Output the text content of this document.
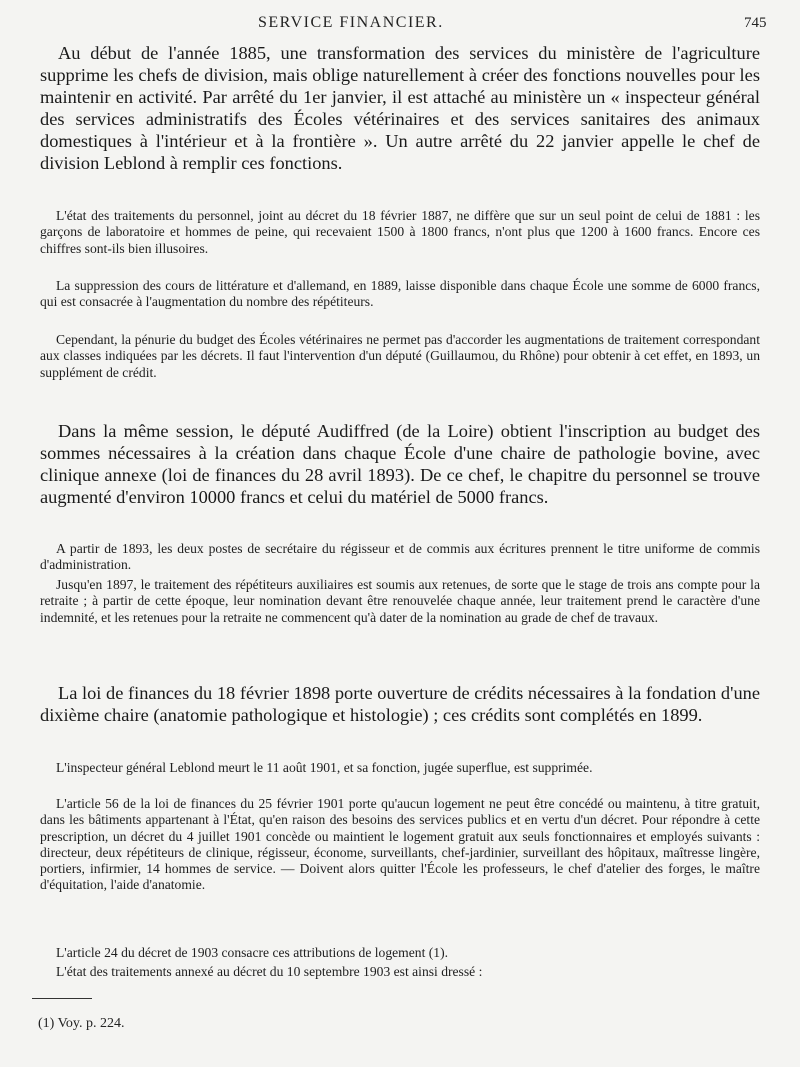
SERVICE FINANCIER.	745

Au début de l'année 1885, une transformation des services du ministère de l'agriculture supprime les chefs de division, mais oblige naturellement à créer des fonctions nouvelles pour les maintenir en activité. Par arrêté du 1er janvier, il est attaché au ministère un « inspecteur général des services administratifs des Écoles vétérinaires et des services sanitaires des animaux domestiques à l'intérieur et à la frontière ». Un autre arrêté du 22 janvier appelle le chef de division Leblond à remplir ces fonctions.

L'état des traitements du personnel, joint au décret du 18 février 1887, ne diffère que sur un seul point de celui de 1881 : les garçons de laboratoire et hommes de peine, qui recevaient 1500 à 1800 francs, n'ont plus que 1200 à 1600 francs. Encore ces chiffres sont-ils bien illusoires.

La suppression des cours de littérature et d'allemand, en 1889, laisse disponible dans chaque École une somme de 6000 francs, qui est consacrée à l'augmentation du nombre des répétiteurs.

Cependant, la pénurie du budget des Écoles vétérinaires ne permet pas d'accorder les augmentations de traitement correspondant aux classes indiquées par les décrets. Il faut l'intervention d'un député (Guillaumou, du Rhône) pour obtenir à cet effet, en 1893, un supplément de crédit.

Dans la même session, le député Audiffred (de la Loire) obtient l'inscription au budget des sommes nécessaires à la création dans chaque École d'une chaire de pathologie bovine, avec clinique annexe (loi de finances du 28 avril 1893). De ce chef, le chapitre du personnel se trouve augmenté d'environ 10000 francs et celui du matériel de 5000 francs.

A partir de 1893, les deux postes de secrétaire du régisseur et de commis aux écritures prennent le titre uniforme de commis d'administration.

Jusqu'en 1897, le traitement des répétiteurs auxiliaires est soumis aux retenues, de sorte que le stage de trois ans compte pour la retraite ; à partir de cette époque, leur nomination devant être renouvelée chaque année, leur traitement prend le caractère d'une indemnité, et les retenues pour la retraite ne commencent qu'à dater de la nomination au grade de chef de travaux.

La loi de finances du 18 février 1898 porte ouverture de crédits nécessaires à la fondation d'une dixième chaire (anatomie pathologique et histologie) ; ces crédits sont complétés en 1899.

L'inspecteur général Leblond meurt le 11 août 1901, et sa fonction, jugée superflue, est supprimée.

L'article 56 de la loi de finances du 25 février 1901 porte qu'aucun logement ne peut être concédé ou maintenu, à titre gratuit, dans les bâtiments appartenant à l'État, qu'en raison des besoins des services publics et en vertu d'un décret. Pour répondre à cette prescription, un décret du 4 juillet 1901 concède ou maintient le logement gratuit aux seuls fonctionnaires et employés suivants : directeur, deux répétiteurs de clinique, régisseur, économe, surveillants, chef-jardinier, surveillant des hôpitaux, maîtresse lingère, portiers, infirmier, 14 hommes de service. — Doivent alors quitter l'École les professeurs, le chef d'atelier des forges, le maître d'équitation, l'aide d'anatomie.

L'article 24 du décret de 1903 consacre ces attributions de logement (1).

L'état des traitements annexé au décret du 10 septembre 1903 est ainsi dressé :

(1) Voy. p. 224.
